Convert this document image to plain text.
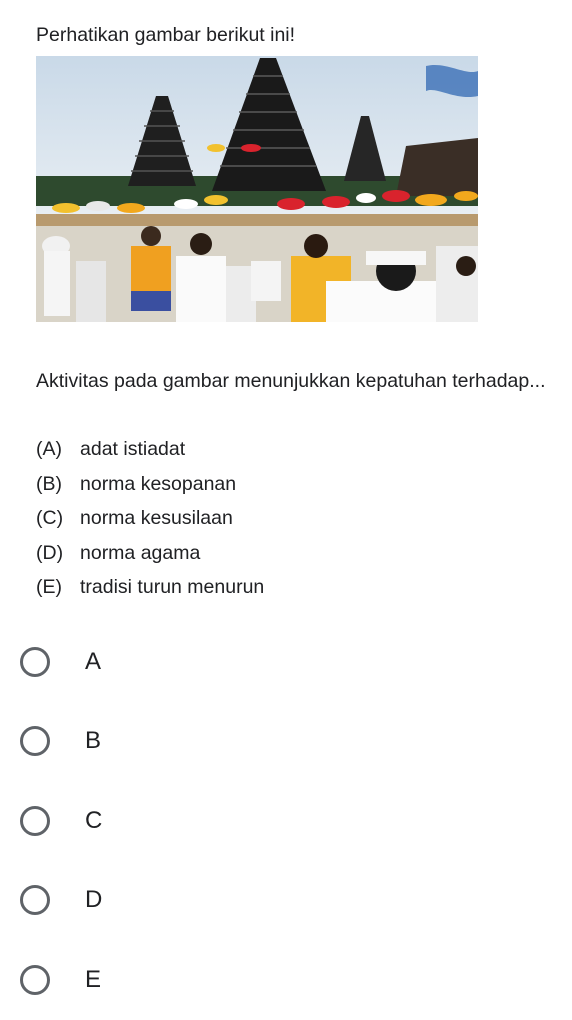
Perhatikan gambar berikut ini!
Aktivitas pada gambar menunjukkan kepatuhan terhadap...
(A) adat istiadat
(B) norma kesopanan
(C) norma kesusilaan
(D) norma agama
(E) tradisi turun menurun
A
B
C
D
E
